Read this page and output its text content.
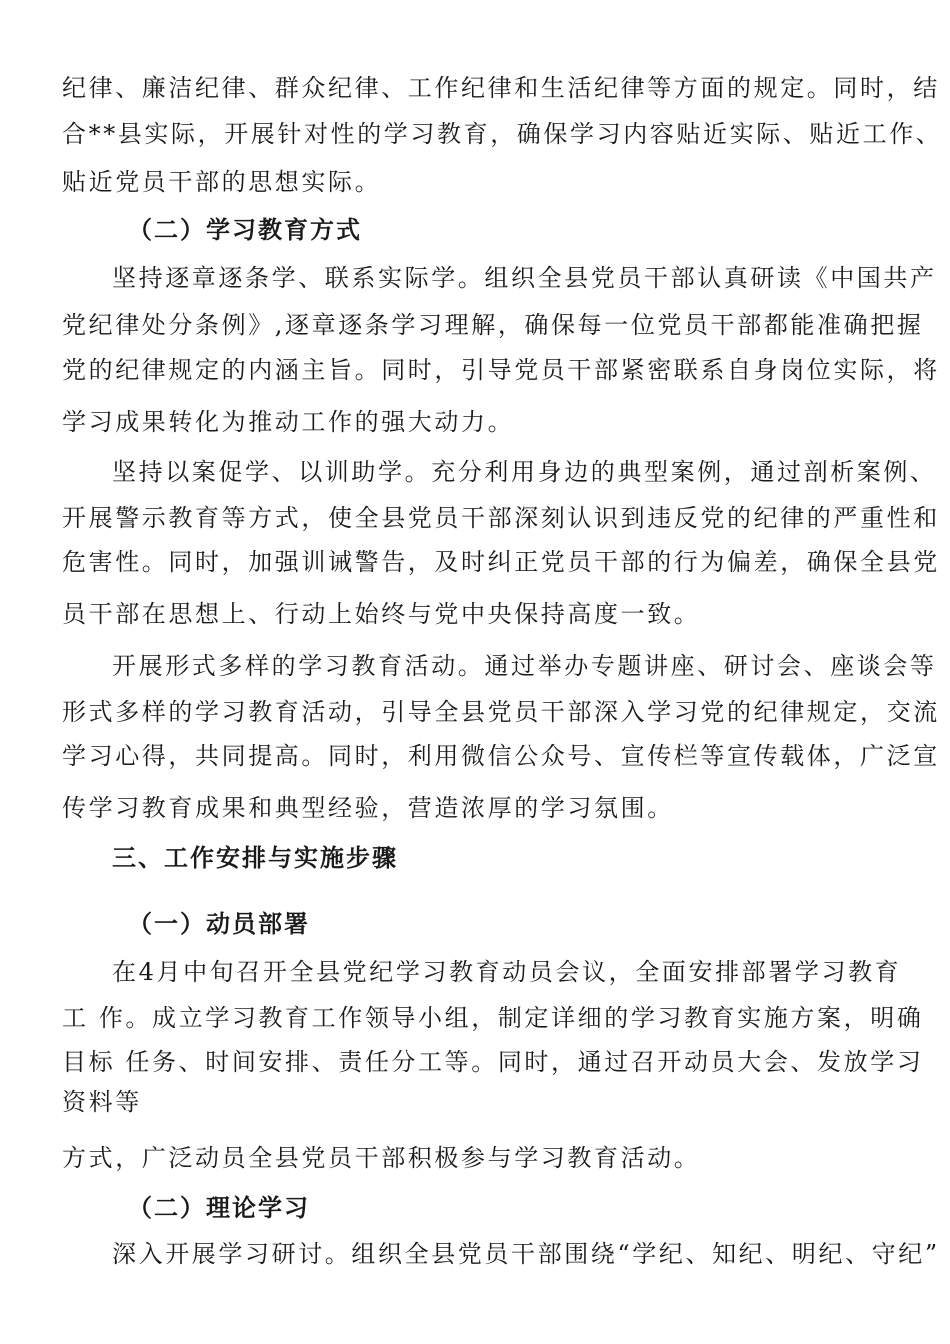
纪律、廉洁纪律、群众纪律、工作纪律和生活纪律等方面的规定。同时，结
合**县实际，开展针对性的学习教育，确保学习内容贴近实际、贴近工作、
贴近党员干部的思想实际。
（二）学习教育方式
坚持逐章逐条学、联系实际学。组织全县党员干部认真研读《中国共产
党纪律处分条例》,逐章逐条学习理解，确保每一位党员干部都能准确把握
党的纪律规定的内涵主旨。同时，引导党员干部紧密联系自身岗位实际，将
学习成果转化为推动工作的强大动力。
坚持以案促学、以训助学。充分利用身边的典型案例，通过剖析案例、
开展警示教育等方式，使全县党员干部深刻认识到违反党的纪律的严重性和
危害性。同时，加强训诫警告，及时纠正党员干部的行为偏差，确保全县党
员干部在思想上、行动上始终与党中央保持高度一致。
开展形式多样的学习教育活动。通过举办专题讲座、研讨会、座谈会等
形式多样的学习教育活动，引导全县党员干部深入学习党的纪律规定，交流
学习心得，共同提高。同时，利用微信公众号、宣传栏等宣传载体，广泛宣
传学习教育成果和典型经验，营造浓厚的学习氛围。
三、工作安排与实施步骤
（一）动员部署
在4月中旬召开全县党纪学习教育动员会议，全面安排部署学习教育
工 作。成立学习教育工作领导小组，制定详细的学习教育实施方案，明确
目标 任务、时间安排、责任分工等。同时，通过召开动员大会、发放学习
资料等
方式，广泛动员全县党员干部积极参与学习教育活动。
（二）理论学习
深入开展学习研讨。组织全县党员干部围绕“学纪、知纪、明纪、守纪”
